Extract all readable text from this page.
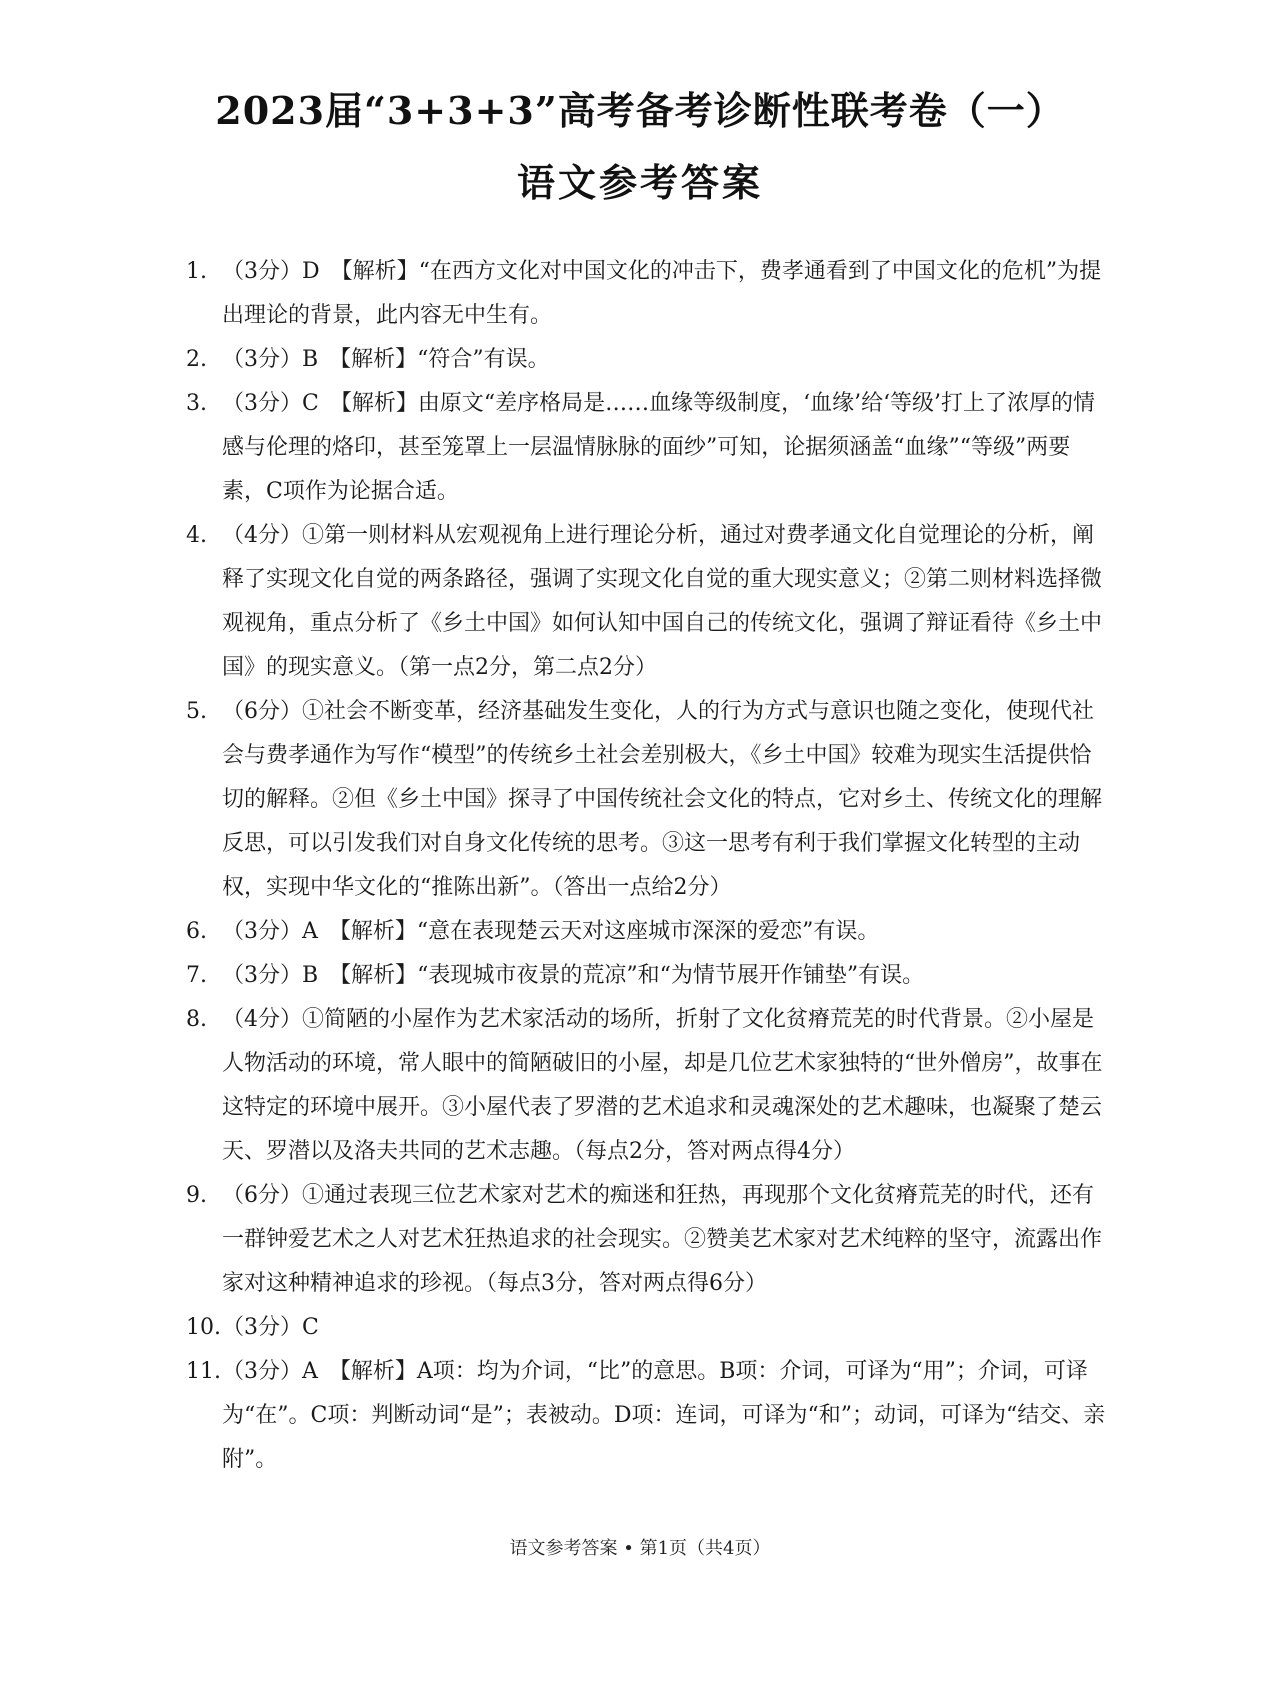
2023届“3+3+3”高考备考诊断性联考卷（一）
语文参考答案
1. （3分）D　【解析】“在西方文化对中国文化的冲击下，费孝通看到了中国文化的危机”为提出理论的背景，此内容无中生有。
2. （3分）B　【解析】“符合”有误。
3. （3分）C　【解析】由原文“差序格局是……血缘等级制度，‘血缘’给‘等级’打上了浓厚的情感与伦理的烙印，甚至笼罩上一层温情脉脉的面纱”可知，论据须涵盖“血缘”“等级”两要素，C项作为论据合适。
4. （4分）①第一则材料从宏观视角上进行理论分析，通过对费孝通文化自觉理论的分析，阐释了实现文化自觉的两条路径，强调了实现文化自觉的重大现实意义；②第二则材料选择微观视角，重点分析了《乡土中国》如何认知中国自己的传统文化，强调了辩证看待《乡土中国》的现实意义。（第一点2分，第二点2分）
5. （6分）①社会不断变革，经济基础发生变化，人的行为方式与意识也随之变化，使现代社会与费孝通作为写作“模型”的传统乡土社会差别极大，《乡土中国》较难为现实生活提供恰切的解释。②但《乡土中国》探寻了中国传统社会文化的特点，它对乡土、传统文化的理解反思，可以引发我们对自身文化传统的思考。③这一思考有利于我们掌握文化转型的主动权，实现中华文化的“推陈出新”。（答出一点给2分）
6. （3分）A　【解析】“意在表现楚云天对这座城市深深的爱恋”有误。
7. （3分）B　【解析】“表现城市夜景的荒凉”和“为情节展开作铺垫”有误。
8. （4分）①简陋的小屋作为艺术家活动的场所，折射了文化贫瘠荒芜的时代背景。②小屋是人物活动的环境，常人眼中的简陋破旧的小屋，却是几位艺术家独特的“世外僧房”，故事在这特定的环境中展开。③小屋代表了罗潜的艺术追求和灵魂深处的艺术趣味，也凝聚了楚云天、罗潜以及洛夫共同的艺术志趣。（每点2分，答对两点得4分）
9. （6分）①通过表现三位艺术家对艺术的痴迷和狂热，再现那个文化贫瘠荒芜的时代，还有一群钟爱艺术之人对艺术狂热追求的社会现实。②赞美艺术家对艺术纯粹的坚守，流露出作家对这种精神追求的珍视。（每点3分，答对两点得6分）
10. （3分）C
11. （3分）A　【解析】A项：均为介词，“比”的意思。B项：介词，可译为“用”；介词，可译为“在”。C项：判断动词“是”；表被动。D项：连词，可译为“和”；动词，可译为“结交、亲附”。
语文参考答案 • 第1页（共4页）
